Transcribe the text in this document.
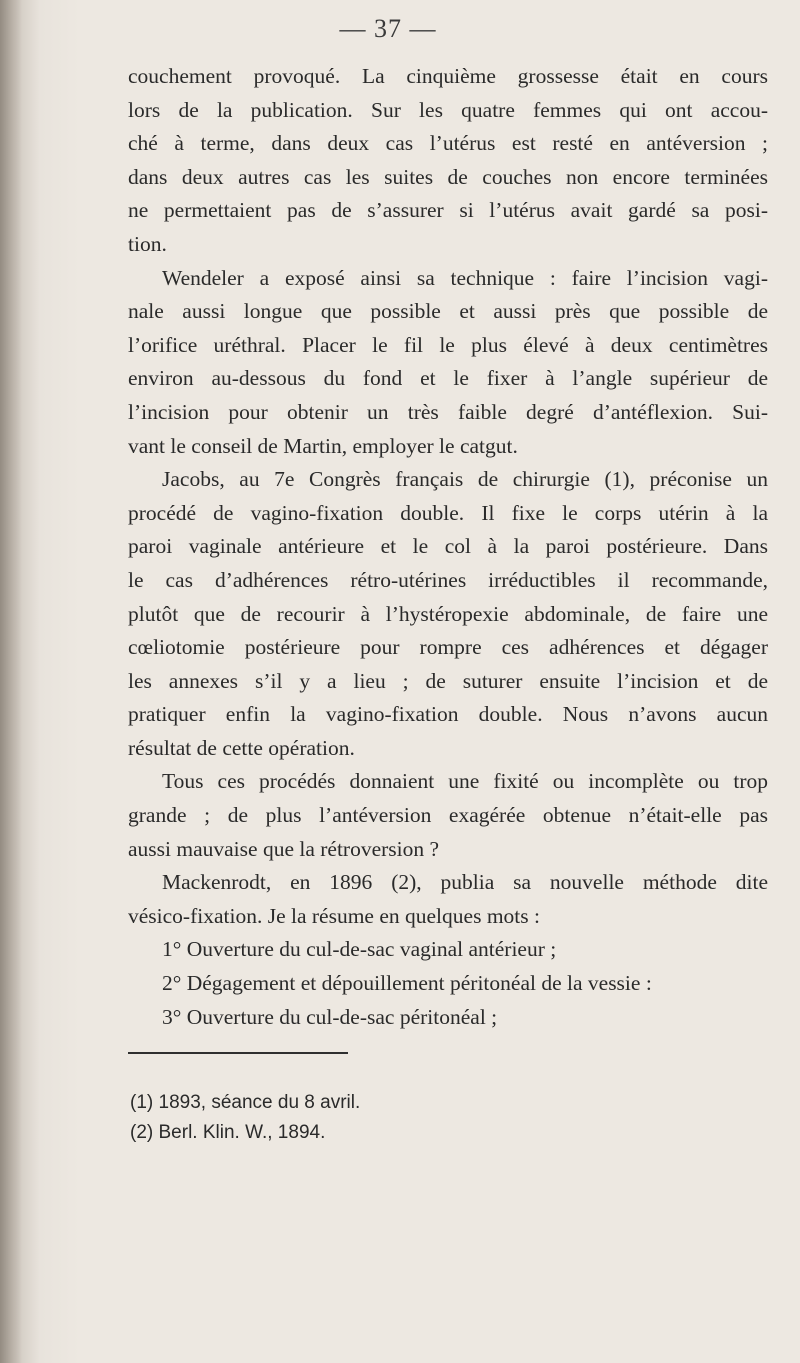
— 37 —
couchement provoqué. La cinquième grossesse était en cours
lors de la publication. Sur les quatre femmes qui ont accou-
ché à terme, dans deux cas l’utérus est resté en antéversion ;
dans deux autres cas les suites de couches non encore terminées
ne permettaient pas de s’assurer si l’utérus avait gardé sa posi-
tion.
Wendeler a exposé ainsi sa technique : faire l’incision vagi-
nale aussi longue que possible et aussi près que possible de
l’orifice uréthral. Placer le fil le plus élevé à deux centimètres
environ au-dessous du fond et le fixer à l’angle supérieur de
l’incision pour obtenir un très faible degré d’antéflexion. Sui-
vant le conseil de Martin, employer le catgut.
Jacobs, au 7e Congrès français de chirurgie (1), préconise un
procédé de vagino-fixation double. Il fixe le corps utérin à la
paroi vaginale antérieure et le col à la paroi postérieure. Dans
le cas d’adhérences rétro-utérines irréductibles il recommande,
plutôt que de recourir à l’hystéropexie abdominale, de faire une
cœliotomie postérieure pour rompre ces adhérences et dégager
les annexes s’il y a lieu ; de suturer ensuite l’incision et de
pratiquer enfin la vagino-fixation double. Nous n’avons aucun
résultat de cette opération.
Tous ces procédés donnaient une fixité ou incomplète ou trop
grande ; de plus l’antéversion exagérée obtenue n’était-elle pas
aussi mauvaise que la rétroversion ?
Mackenrodt, en 1896 (2), publia sa nouvelle méthode dite
vésico-fixation. Je la résume en quelques mots :
1° Ouverture du cul-de-sac vaginal antérieur ;
2° Dégagement et dépouillement péritonéal de la vessie :
3° Ouverture du cul-de-sac péritonéal ;
(1) 1893, séance du 8 avril.
(2) Berl. Klin. W., 1894.
